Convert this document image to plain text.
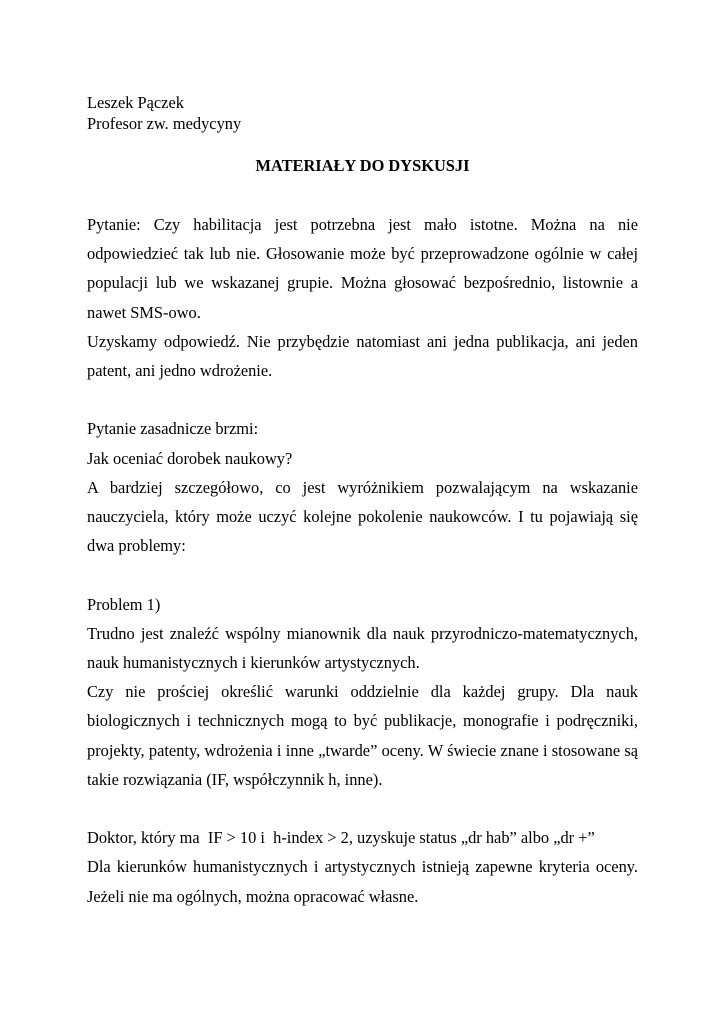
Leszek Pączek
Profesor zw. medycyny
MATERIAŁY DO DYSKUSJI

Pytanie: Czy habilitacja jest potrzebna jest mało istotne. Można na nie odpowiedzieć tak lub nie. Głosowanie może być przeprowadzone ogólnie w całej populacji lub we wskazanej grupie. Można głosować bezpośrednio, listownie a nawet SMS-owo.

Uzyskamy odpowiedź. Nie przybędzie natomiast ani jedna publikacja, ani jeden patent, ani jedno wdrożenie.

Pytanie zasadnicze brzmi:

Jak oceniać dorobek naukowy?

A bardziej szczegółowo, co jest wyróżnikiem pozwalającym na wskazanie nauczyciela, który może uczyć kolejne pokolenie naukowców. I tu pojawiają się dwa problemy:

Problem 1)

Trudno jest znaleźć wspólny mianownik dla nauk przyrodniczo-matematycznych, nauk humanistycznych i kierunków artystycznych.

Czy nie prościej określić warunki oddzielnie dla każdej grupy. Dla nauk biologicznych i technicznych mogą to być publikacje, monografie i podręczniki, projekty, patenty, wdrożenia i inne „twarde” oceny. W świecie znane i stosowane są takie rozwiązania (IF, współczynnik h, inne).

Doktor, który ma  IF > 10 i  h-index > 2, uzyskuje status „dr hab” albo „dr +”

Dla kierunków humanistycznych i artystycznych istnieją zapewne kryteria oceny. Jeżeli nie ma ogólnych, można opracować własne.
